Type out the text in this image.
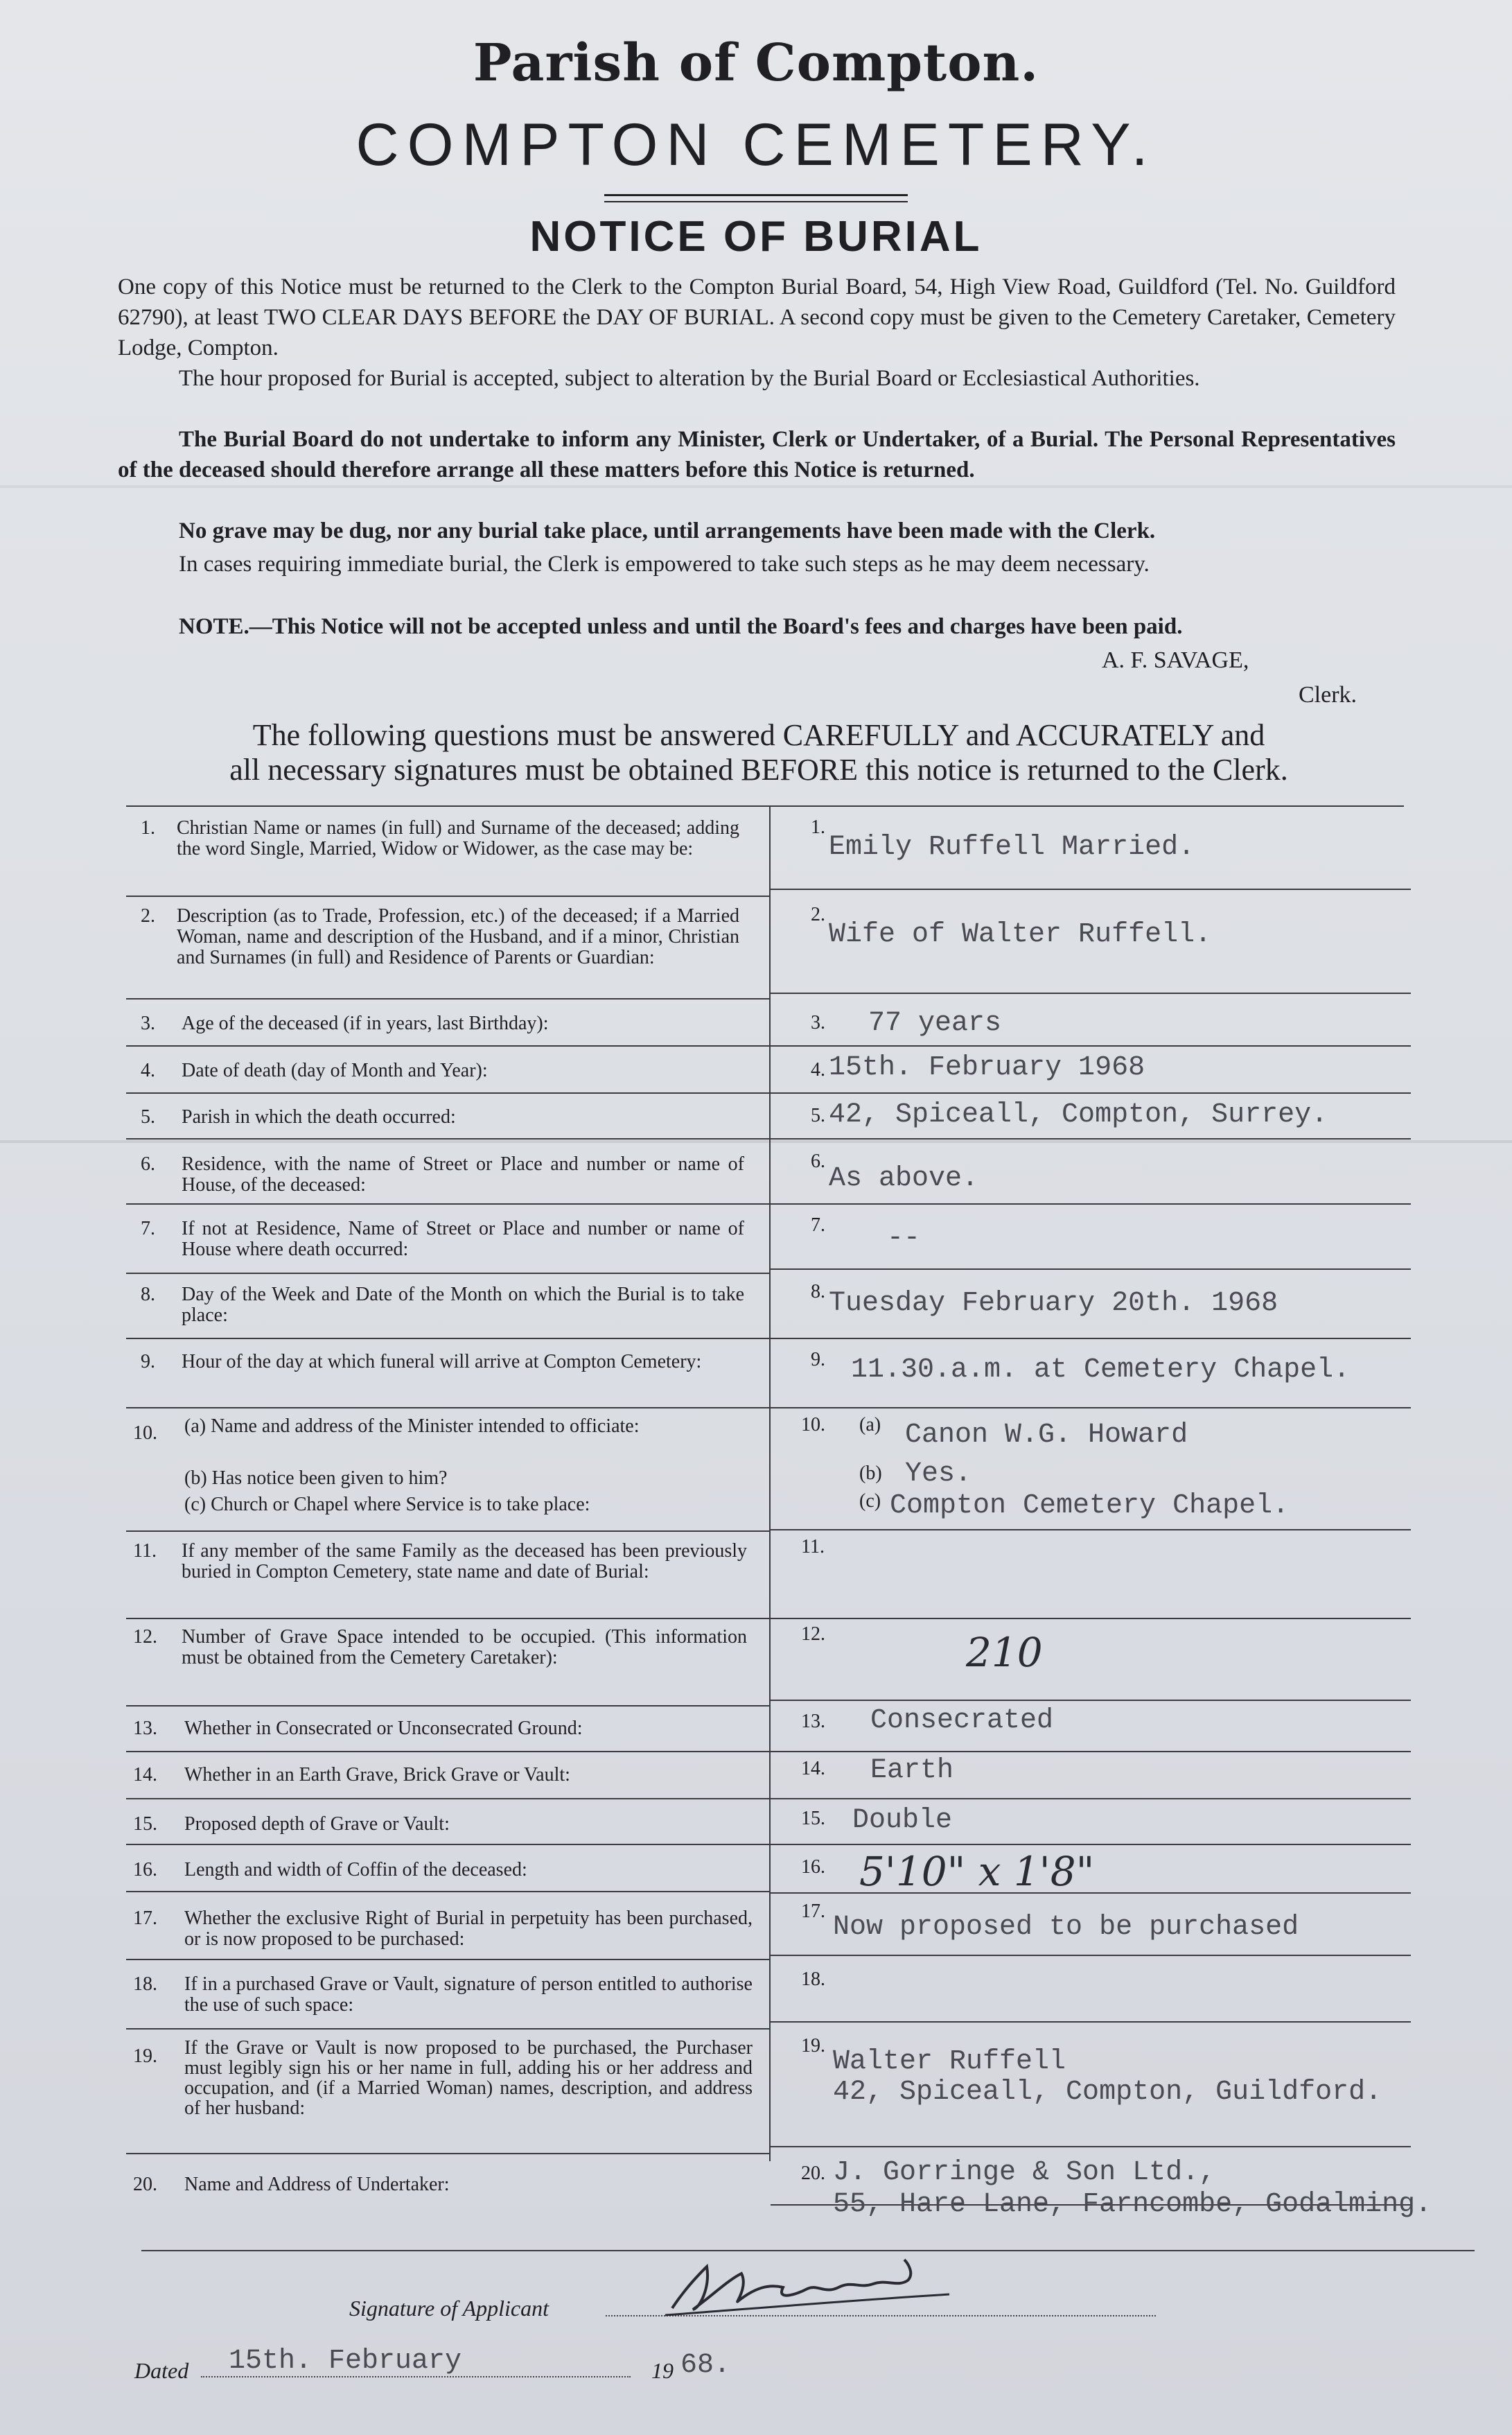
Parish of Compton.
COMPTON CEMETERY.
NOTICE OF BURIAL
One copy of this Notice must be returned to the Clerk to the Compton Burial Board, 54, High View Road, Guildford (Tel. No. Guildford 62790), at least TWO CLEAR DAYS BEFORE the DAY OF BURIAL. A second copy must be given to the Cemetery Caretaker, Cemetery Lodge, Compton.
The hour proposed for Burial is accepted, subject to alteration by the Burial Board or Ecclesiastical Authorities.
The Burial Board do not undertake to inform any Minister, Clerk or Undertaker, of a Burial. The Personal Representatives of the deceased should therefore arrange all these matters before this Notice is returned.
No grave may be dug, nor any burial take place, until arrangements have been made with the Clerk.
In cases requiring immediate burial, the Clerk is empowered to take such steps as he may deem necessary.
NOTE.—This Notice will not be accepted unless and until the Board's fees and charges have been paid.
A. F. SAVAGE,
Clerk.
The following questions must be answered CAREFULLY and ACCURATELY and
all necessary signatures must be obtained BEFORE this notice is returned to the Clerk.
1. Christian Name or names (in full) and Surname of the deceased; adding the word Single, Married, Widow or Widower, as the case may be:
2. Description (as to Trade, Profession, etc.) of the deceased; if a Married Woman, name and description of the Husband, and if a minor, Christian and Surnames (in full) and Residence of Parents or Guardian:
3. Age of the deceased (if in years, last Birthday):
4. Date of death (day of Month and Year):
5. Parish in which the death occurred:
6. Residence, with the name of Street or Place and number or name of House, of the deceased:
7. If not at Residence, Name of Street or Place and number or name of House where death occurred:
8. Day of the Week and Date of the Month on which the Burial is to take place:
9. Hour of the day at which funeral will arrive at Compton Cemetery:
10. (a) Name and address of the Minister intended to officiate:
(b) Has notice been given to him?
(c) Church or Chapel where Service is to take place:
11. If any member of the same Family as the deceased has been previously buried in Compton Cemetery, state name and date of Burial:
12. Number of Grave Space intended to be occupied. (This information must be obtained from the Cemetery Caretaker):
13. Whether in Consecrated or Unconsecrated Ground:
14. Whether in an Earth Grave, Brick Grave or Vault:
15. Proposed depth of Grave or Vault:
16. Length and width of Coffin of the deceased:
17. Whether the exclusive Right of Burial in perpetuity has been purchased, or is now proposed to be purchased:
18. If in a purchased Grave or Vault, signature of person entitled to authorise the use of such space:
19. If the Grave or Vault is now proposed to be purchased, the Purchaser must legibly sign his or her name in full, adding his or her address and occupation, and (if a Married Woman) names, description, and address of her husband:
20. Name and Address of Undertaker:
1.
Emily Ruffell Married.
2.
Wife of Walter Ruffell.
3. 77 years
4. 15th. February 1968
5. 42, Spiceall, Compton, Surrey.
6.
As above.
7. --
8. Tuesday February 20th. 1968
9. 11.30.a.m. at Cemetery Chapel.
10. (a) Canon W.G. Howard
(b) Yes.
(c) Compton Cemetery Chapel.
11.
12.	210
13. Consecrated
14. Earth
15. Double
16. 5'10" x 1'8"
17.
Now proposed to be purchased
18.
19.
Walter Ruffell
42, Spiceall, Compton, Guildford.
20. J. Gorringe & Son Ltd.,
55, Hare Lane, Farncombe, Godalming.
Signature of Applicant
Dated 15th. February	19 68.
